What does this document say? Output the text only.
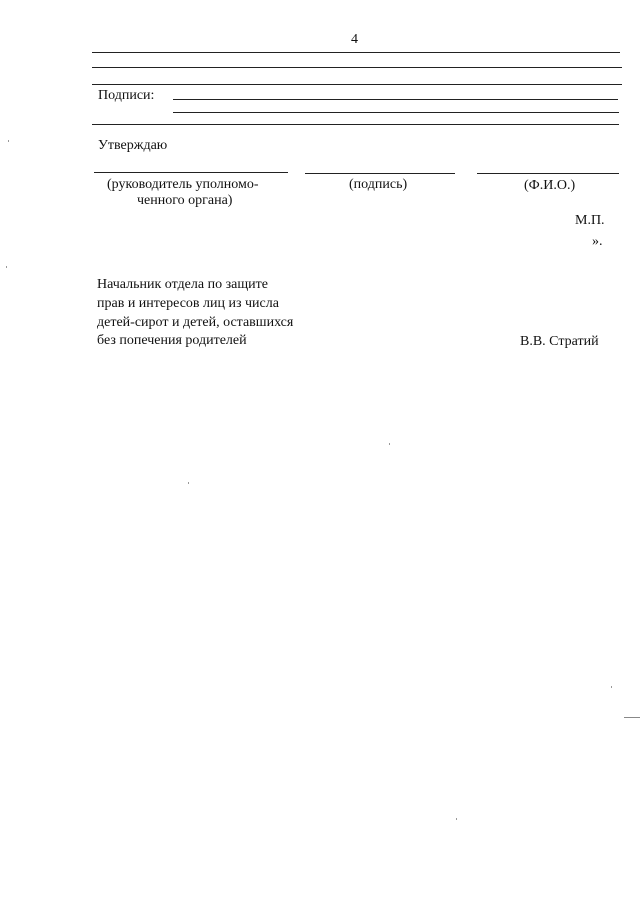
4
Подписи:
Утверждаю
(руководитель уполномо-
ченного органа)
(подпись)	(Ф.И.О.)
М.П.
».
Начальник отдела по защите
прав и интересов лиц из числа
детей-сирот и детей, оставшихся
без попечения родителей	В.В. Стратий
